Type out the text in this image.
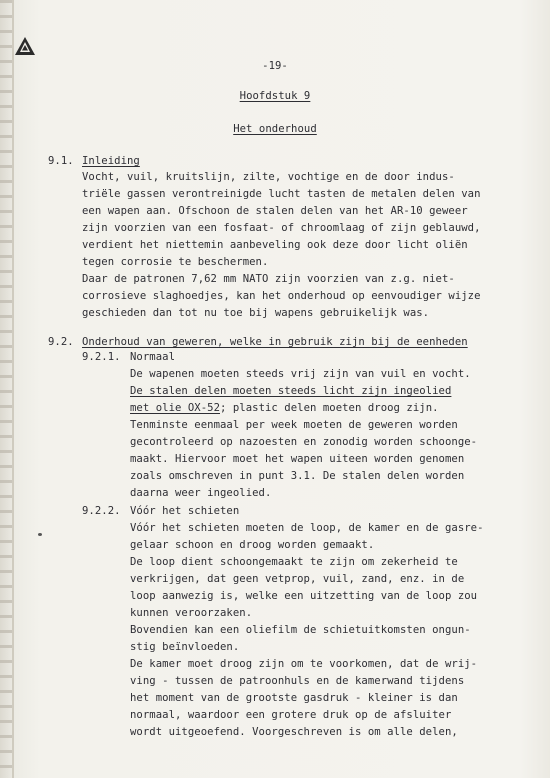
-19-
Hoofdstuk 9
Het onderhoud
9.1. Inleiding
Vocht, vuil, kruitslijn, zilte, vochtige en de door indus-
triële gassen verontreinigde lucht tasten de metalen delen van
een wapen aan. Ofschoon de stalen delen van het AR-10 geweer
zijn voorzien van een fosfaat- of chroomlaag of zijn geblauwd,
verdient het niettemin aanbeveling ook deze door licht oliën
tegen corrosie te beschermen.
Daar de patronen 7,62 mm NATO zijn voorzien van z.g. niet-
corrosieve slaghoedjes, kan het onderhoud op eenvoudiger wijze
geschieden dan tot nu toe bij wapens gebruikelijk was.
9.2. Onderhoud van geweren, welke in gebruik zijn bij de eenheden
9.2.1. Normaal
De wapenen moeten steeds vrij zijn van vuil en vocht.
De stalen delen moeten steeds licht zijn ingeolied
met olie OX-52; plastic delen moeten droog zijn.
Tenminste eenmaal per week moeten de geweren worden
gecontroleerd op nazoesten en zonodig worden schoonge-
maakt. Hiervoor moet het wapen uiteen worden genomen
zoals omschreven in punt 3.1. De stalen delen worden
daarna weer ingeolied.
9.2.2. Vóór het schieten
Vóór het schieten moeten de loop, de kamer en de gasre-
gelaar schoon en droog worden gemaakt.
De loop dient schoongemaakt te zijn om zekerheid te
verkrijgen, dat geen vetprop, vuil, zand, enz. in de
loop aanwezig is, welke een uitzetting van de loop zou
kunnen veroorzaken.
Bovendien kan een oliefilm de schietuitkomsten ongun-
stig beïnvloeden.
De kamer moet droog zijn om te voorkomen, dat de wrij-
ving - tussen de patroonhuls en de kamerwand tijdens
het moment van de grootste gasdruk - kleiner is dan
normaal, waardoor een grotere druk op de afsluiter
wordt uitgeoefend. Voorgeschreven is om alle delen,
